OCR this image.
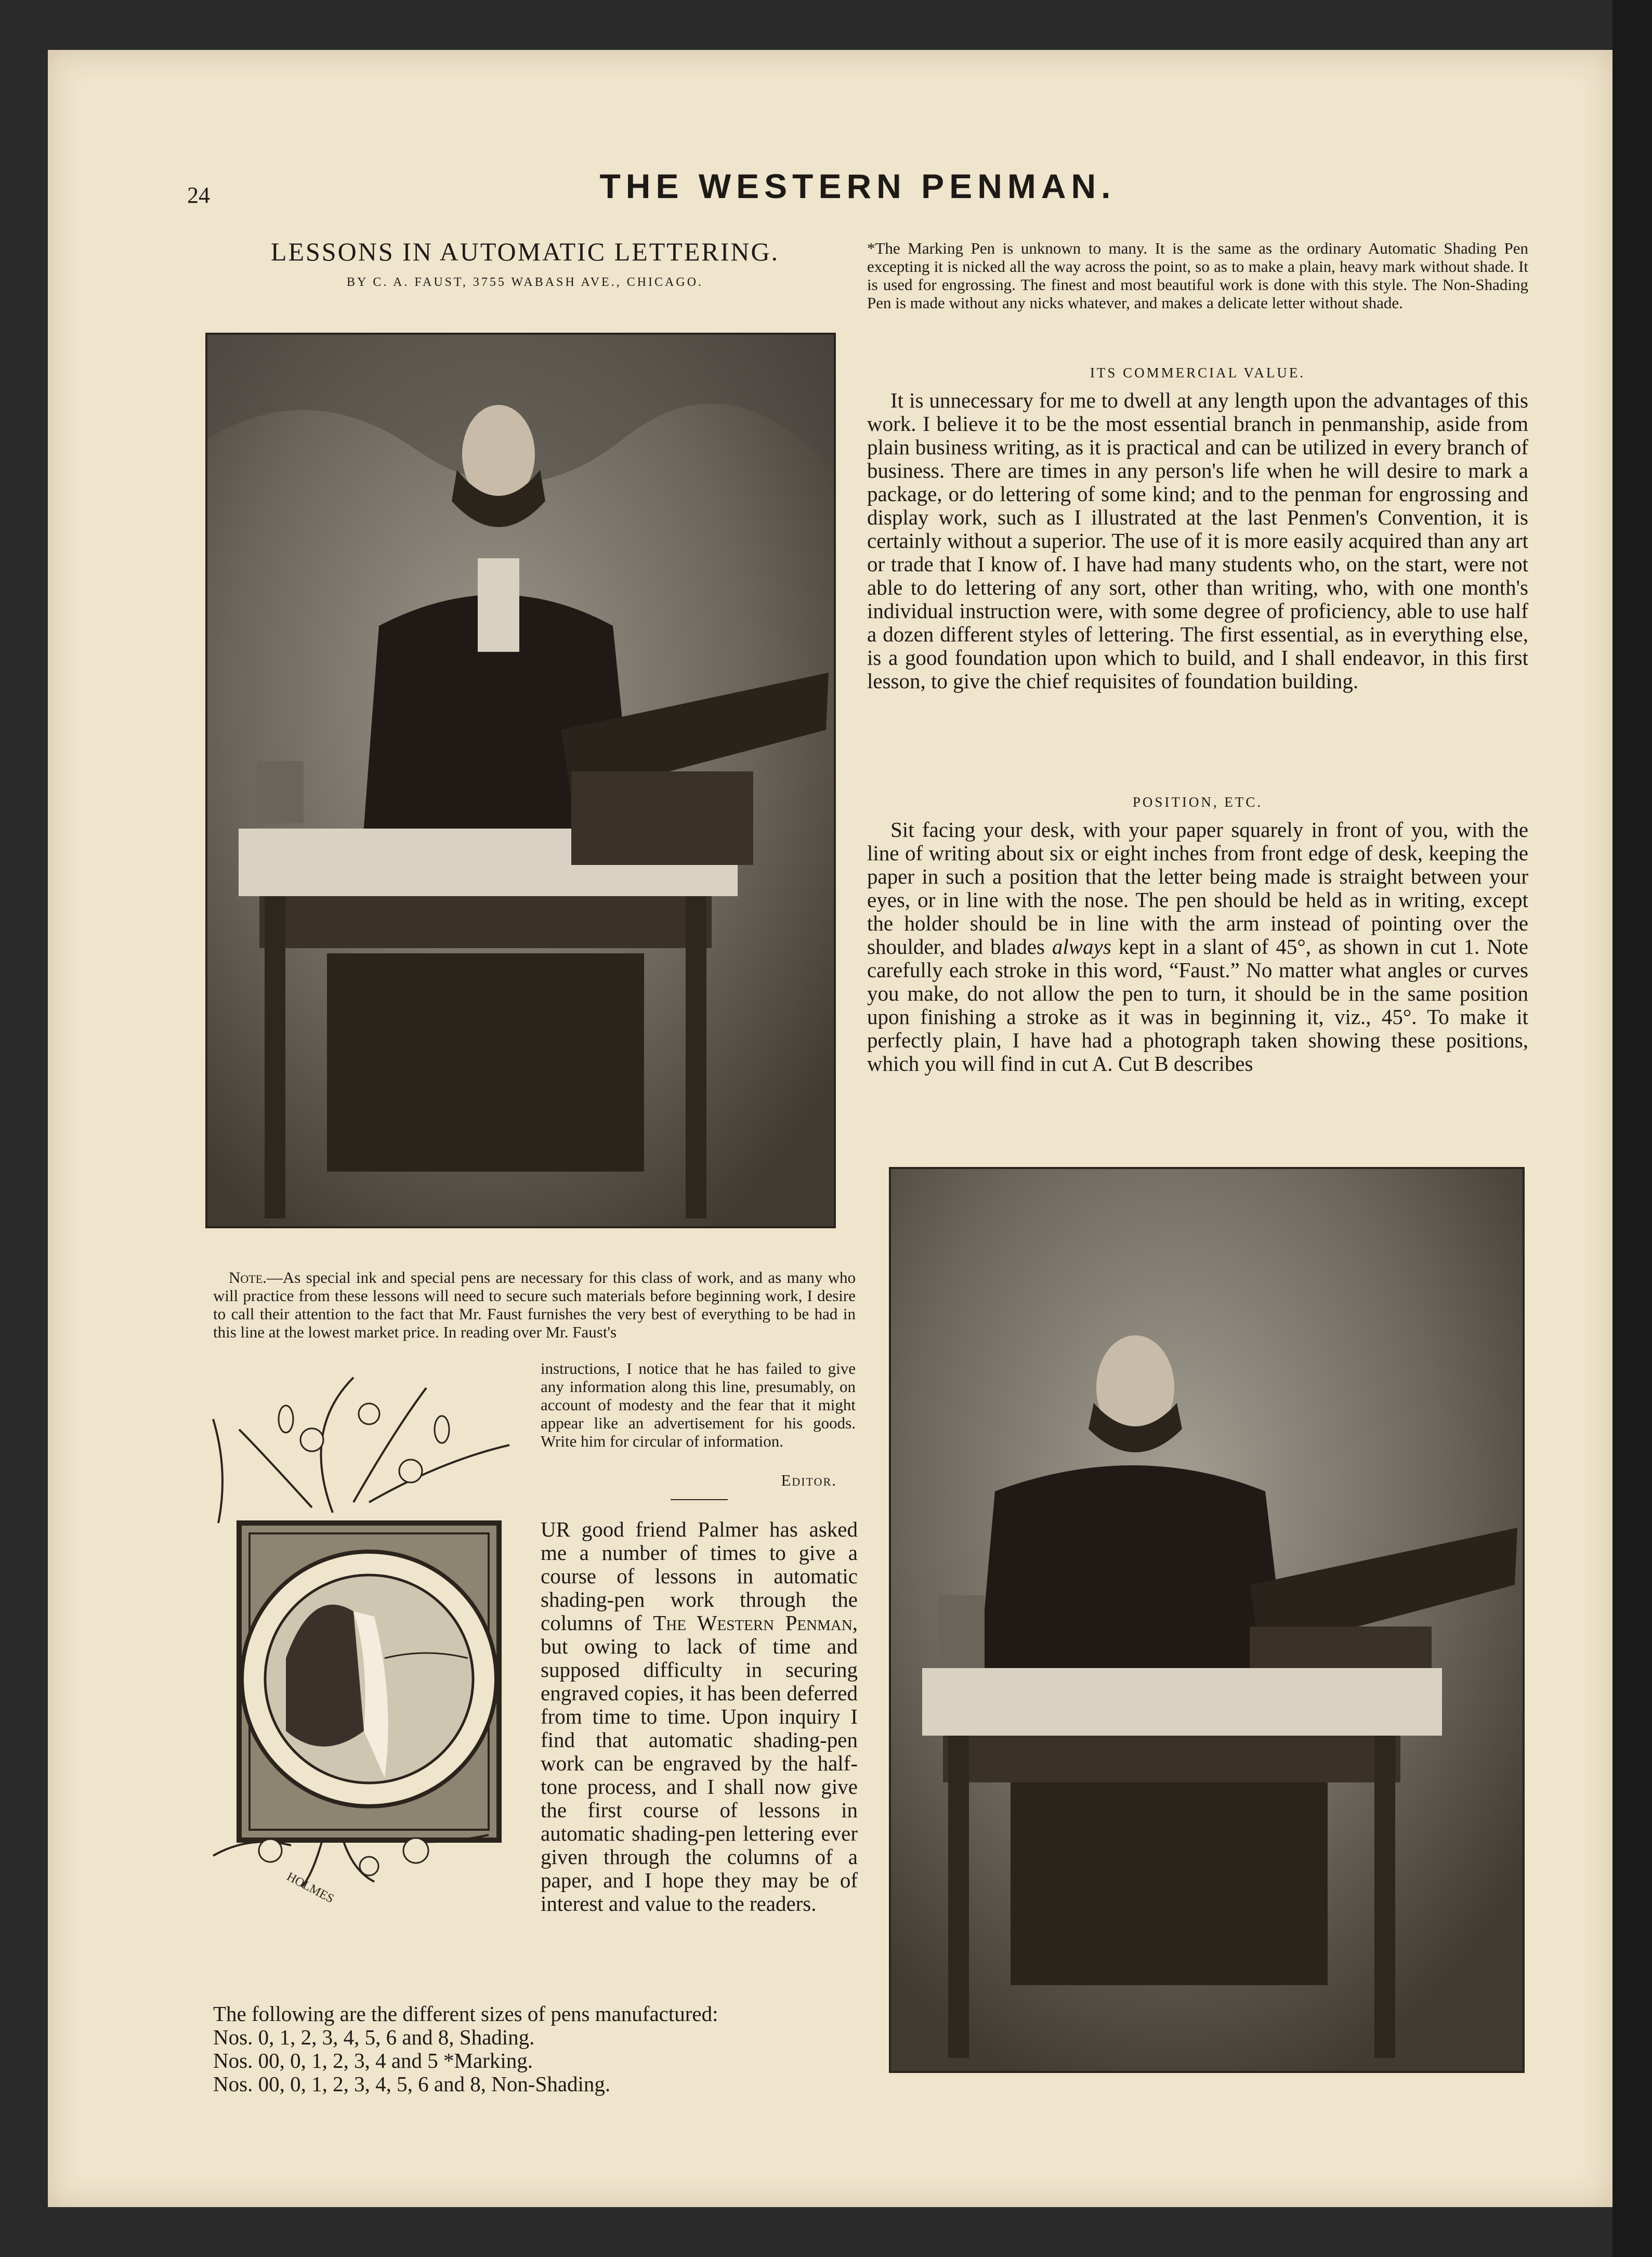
24	THE WESTERN PENMAN.
LESSONS IN AUTOMATIC LETTERING.
BY C. A. FAUST, 3755 WABASH AVE., CHICAGO.
*The Marking Pen is unknown to many. It is the same as the ordinary Automatic Shading Pen excepting it is nicked all the way across the point, so as to make a plain, heavy mark without shade. It is used for engrossing. The finest and most beautiful work is done with this style. The Non-Shading Pen is made without any nicks whatever, and makes a delicate letter without shade.
ITS COMMERCIAL VALUE.
It is unnecessary for me to dwell at any length upon the advantages of this work. I believe it to be the most essential branch in penmanship, aside from plain business writing, as it is practical and can be utilized in every branch of business. There are times in any person's life when he will desire to mark a package, or do lettering of some kind; and to the penman for engrossing and display work, such as I illustrated at the last Penmen's Convention, it is certainly without a superior. The use of it is more easily acquired than any art or trade that I know of. I have had many students who, on the start, were not able to do lettering of any sort, other than writing, who, with one month's individual instruction were, with some degree of proficiency, able to use half a dozen different styles of lettering. The first essential, as in everything else, is a good foundation upon which to build, and I shall endeavor, in this first lesson, to give the chief requisites of foundation building.
POSITION, ETC.
Sit facing your desk, with your paper squarely in front of you, with the line of writing about six or eight inches from front edge of desk, keeping the paper in such a position that the letter being made is straight between your eyes, or in line with the nose. The pen should be held as in writing, except the holder should be in line with the arm instead of pointing over the shoulder, and blades always kept in a slant of 45°, as shown in cut 1. Note carefully each stroke in this word, “Faust.” No matter what angles or curves you make, do not allow the pen to turn, it should be in the same position upon finishing a stroke as it was in beginning it, viz., 45°. To make it perfectly plain, I have had a photograph taken showing these positions, which you will find in cut A. Cut B describes
Note.—As special ink and special pens are necessary for this class of work, and as many who will practice from these lessons will need to secure such materials before beginning work, I desire to call their attention to the fact that Mr. Faust furnishes the very best of everything to be had in this line at the lowest market price. In reading over Mr. Faust's
instructions, I notice that he has failed to give any information along this line, presumably, on account of modesty and the fear that it might appear like an advertisement for his goods. Write him for circular of information.
Editor.
HOLMES
UR good friend Palmer has asked me a number of times to give a course of lessons in automatic shading-pen work through the columns of The Western Penman, but owing to lack of time and supposed difficulty in securing engraved copies, it has been deferred from time to time. Upon inquiry I find that automatic shading-pen work can be engraved by the half-tone process, and I shall now give the first course of lessons in automatic shading-pen lettering ever given through the columns of a paper, and I hope they may be of interest and value to the readers.
The following are the different sizes of pens manufactured:
Nos. 0, 1, 2, 3, 4, 5, 6 and 8, Shading.
Nos. 00, 0, 1, 2, 3, 4 and 5 *Marking.
Nos. 00, 0, 1, 2, 3, 4, 5, 6 and 8, Non-Shading.
